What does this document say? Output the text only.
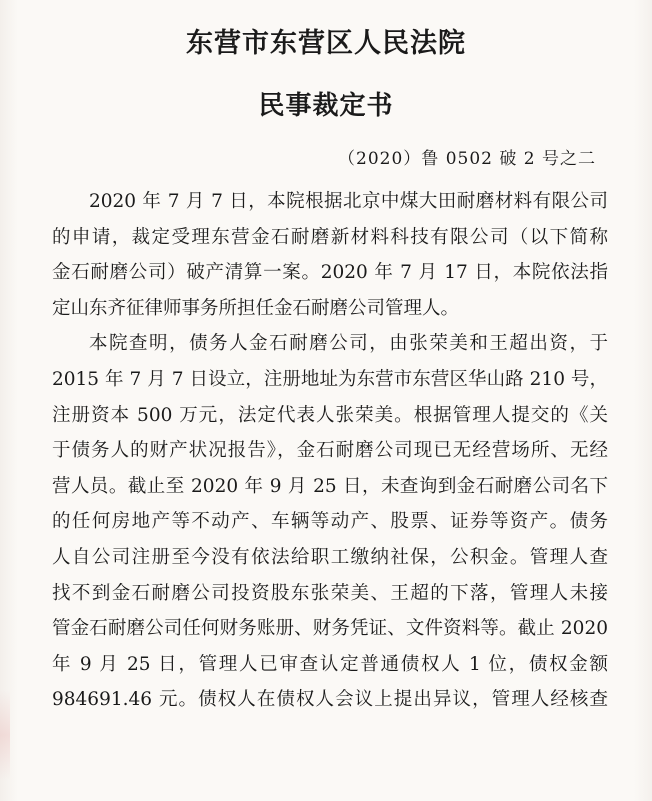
东营市东营区人民法院
民事裁定书
（2020）鲁 0502 破 2 号之二
2020 年 7 月 7 日，本院根据北京中煤大田耐磨材料有限公司
的申请，裁定受理东营金石耐磨新材料科技有限公司（以下简称
金石耐磨公司）破产清算一案。2020 年 7 月 17 日，本院依法指
定山东齐征律师事务所担任金石耐磨公司管理人。
本院查明，债务人金石耐磨公司，由张荣美和王超出资，于
2015 年 7 月 7 日设立，注册地址为东营市东营区华山路 210 号，
注册资本 500 万元，法定代表人张荣美。根据管理人提交的《关
于债务人的财产状况报告》，金石耐磨公司现已无经营场所、无经
营人员。截止至 2020 年 9 月 25 日，未查询到金石耐磨公司名下
的任何房地产等不动产、车辆等动产、股票、证券等资产。债务
人自公司注册至今没有依法给职工缴纳社保，公积金。管理人查
找不到金石耐磨公司投资股东张荣美、王超的下落，管理人未接
管金石耐磨公司任何财务账册、财务凭证、文件资料等。截止 2020
年 9 月 25 日，管理人已审查认定普通债权人 1 位，债权金额
984691.46 元。债权人在债权人会议上提出异议，管理人经核查
